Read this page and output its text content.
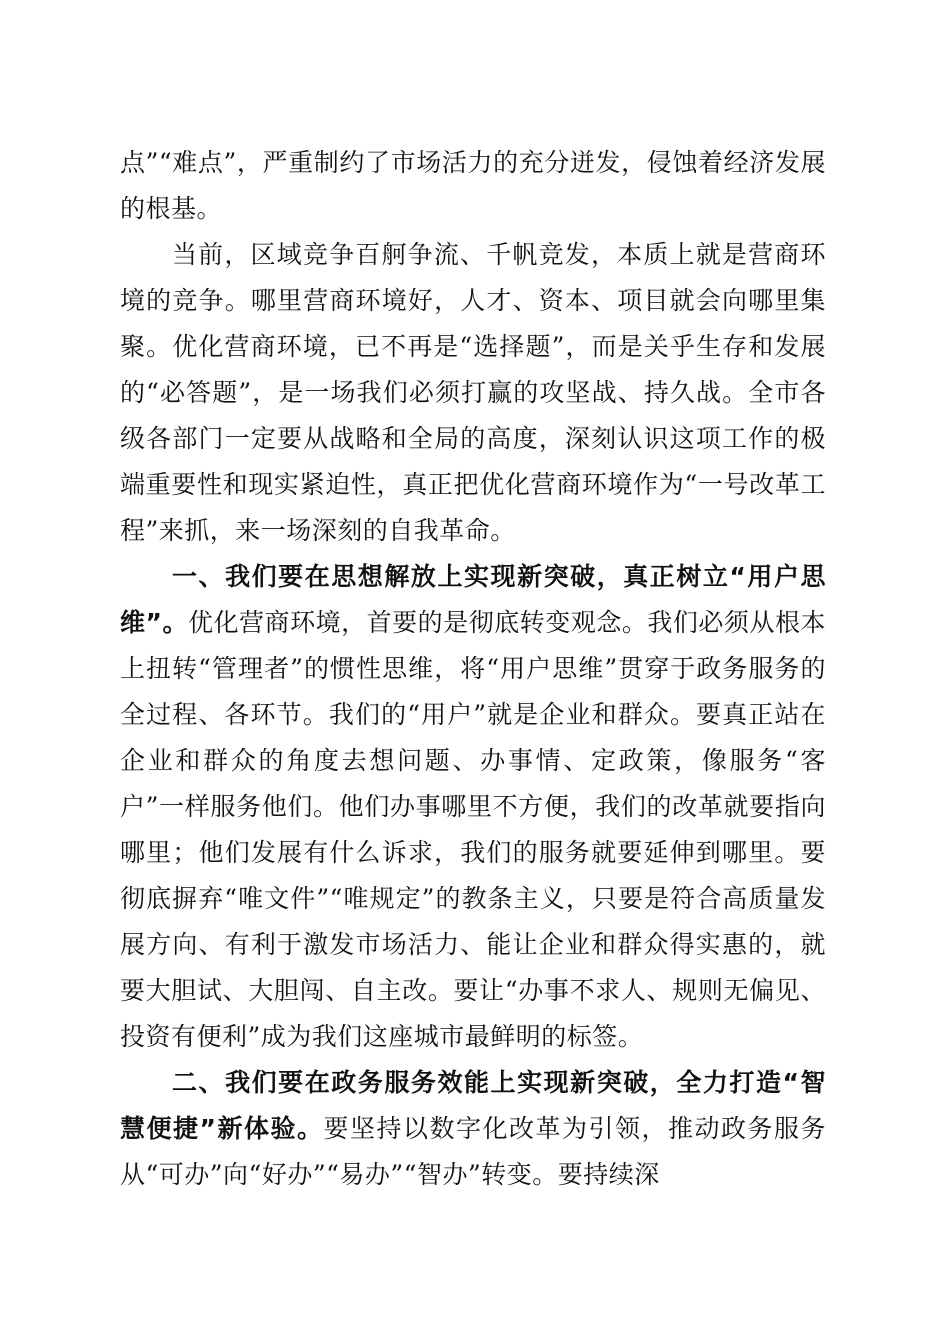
点”“难点”，严重制约了市场活力的充分迸发，侵蚀着经济发展的根基。

当前，区域竞争百舸争流、千帆竞发，本质上就是营商环境的竞争。哪里营商环境好，人才、资本、项目就会向哪里集聚。优化营商环境，已不再是“选择题”，而是关乎生存和发展的“必答题”，是一场我们必须打赢的攻坚战、持久战。全市各级各部门一定要从战略和全局的高度，深刻认识这项工作的极端重要性和现实紧迫性，真正把优化营商环境作为“一号改革工程”来抓，来一场深刻的自我革命。

一、我们要在思想解放上实现新突破，真正树立“用户思维”。优化营商环境，首要的是彻底转变观念。我们必须从根本上扭转“管理者”的惯性思维，将“用户思维”贯穿于政务服务的全过程、各环节。我们的“用户”就是企业和群众。要真正站在企业和群众的角度去想问题、办事情、定政策，像服务“客户”一样服务他们。他们办事哪里不方便，我们的改革就要指向哪里；他们发展有什么诉求，我们的服务就要延伸到哪里。要彻底摒弃“唯文件”“唯规定”的教条主义，只要是符合高质量发展方向、有利于激发市场活力、能让企业和群众得实惠的，就要大胆试、大胆闯、自主改。要让“办事不求人、规则无偏见、投资有便利”成为我们这座城市最鲜明的标签。

二、我们要在政务服务效能上实现新突破，全力打造“智慧便捷”新体验。要坚持以数字化改革为引领，推动政务服务从“可办”向“好办”“易办”“智办”转变。要持续深
